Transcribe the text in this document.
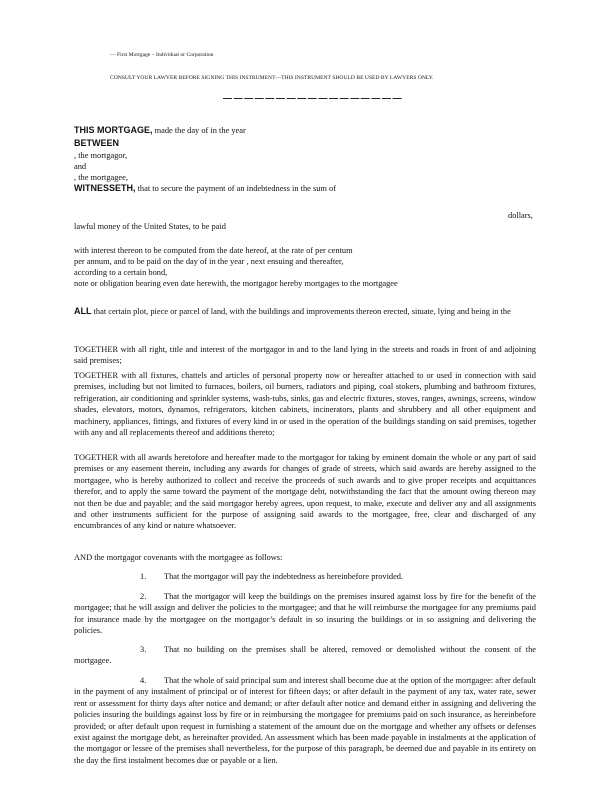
— First Mortgage – Individual or Corporation
CONSULT YOUR LAWYER BEFORE SIGNING THIS INSTRUMENT—THIS INSTRUMENT SHOULD BE USED BY LAWYERS ONLY.
—————————————————
THIS MORTGAGE, made the day of in the year
BETWEEN
, the mortgagor,
and
, the mortgagee,
WITNESSETH, that to secure the payment of an indebtedness in the sum of
dollars,
lawful money of the United States, to be paid
with interest thereon to be computed from the date hereof, at the rate of per centum
per annum, and to be paid on the day of in the year , next ensuing and thereafter,
according to a certain bond,
note or obligation bearing even date herewith, the mortgagor hereby mortgages to the mortgagee
ALL that certain plot, piece or parcel of land, with the buildings and improvements thereon erected, situate, lying and being in the
TOGETHER with all right, title and interest of the mortgagor in and to the land lying in the streets and roads in front of and adjoining said premises;
TOGETHER with all fixtures, chattels and articles of personal property now or hereafter attached to or used in connection with said premises, including but not limited to furnaces, boilers, oil burners, radiators and piping, coal stokers, plumbing and bathroom fixtures, refrigeration, air conditioning and sprinkler systems, wash-tubs, sinks, gas and electric fixtures, stoves, ranges, awnings, screens, window shades, elevators, motors, dynamos, refrigerators, kitchen cabinets, incinerators, plants and shrubbery and all other equipment and machinery, appliances, fittings, and fixtures of every kind in or used in the operation of the buildings standing on said premises, together with any and all replacements thereof and additions thereto;
TOGETHER with all awards heretofore and hereafter made to the mortgagor for taking by eminent domain the whole or any part of said premises or any easement therein, including any awards for changes of grade of streets, which said awards are hereby assigned to the mortgagee, who is hereby authorized to collect and receive the proceeds of such awards and to give proper receipts and acquittances therefor, and to apply the same toward the payment of the mortgage debt, notwithstanding the fact that the amount owing thereon may not then be due and payable; and the said mortgagor hereby agrees, upon request, to make, execute and deliver any and all assignments and other instruments sufficient for the purpose of assigning said awards to the mortgagee, free, clear and discharged of any encumbrances of any kind or nature whatsoever.
AND the mortgagor covenants with the mortgagee as follows:
1. That the mortgagor will pay the indebtedness as hereinbefore provided.
2. That the mortgagor will keep the buildings on the premises insured against loss by fire for the benefit of the mortgagee; that he will assign and deliver the policies to the mortgagee; and that he will reimburse the mortgagee for any premiums paid for insurance made by the mortgagee on the mortgagor’s default in so insuring the buildings or in so assigning and delivering the policies.
3. That no building on the premises shall be altered, removed or demolished without the consent of the mortgagee.
4. That the whole of said principal sum and interest shall become due at the option of the mortgagee: after default in the payment of any instalment of principal or of interest for fifteen days; or after default in the payment of any tax, water rate, sewer rent or assessment for thirty days after notice and demand; or after default after notice and demand either in assigning and delivering the policies insuring the buildings against loss by fire or in reimbursing the mortgagee for premiums paid on such insurance, as hereinbefore provided; or after default upon request in furnishing a statement of the amount due on the mortgage and whether any offsets or defenses exist against the mortgage debt, as hereinafter provided. An assessment which has been made payable in instalments at the application of the mortgagor or lessee of the premises shall nevertheless, for the purpose of this paragraph, be deemed due and payable in its entirety on the day the first instalment becomes due or payable or a lien.
